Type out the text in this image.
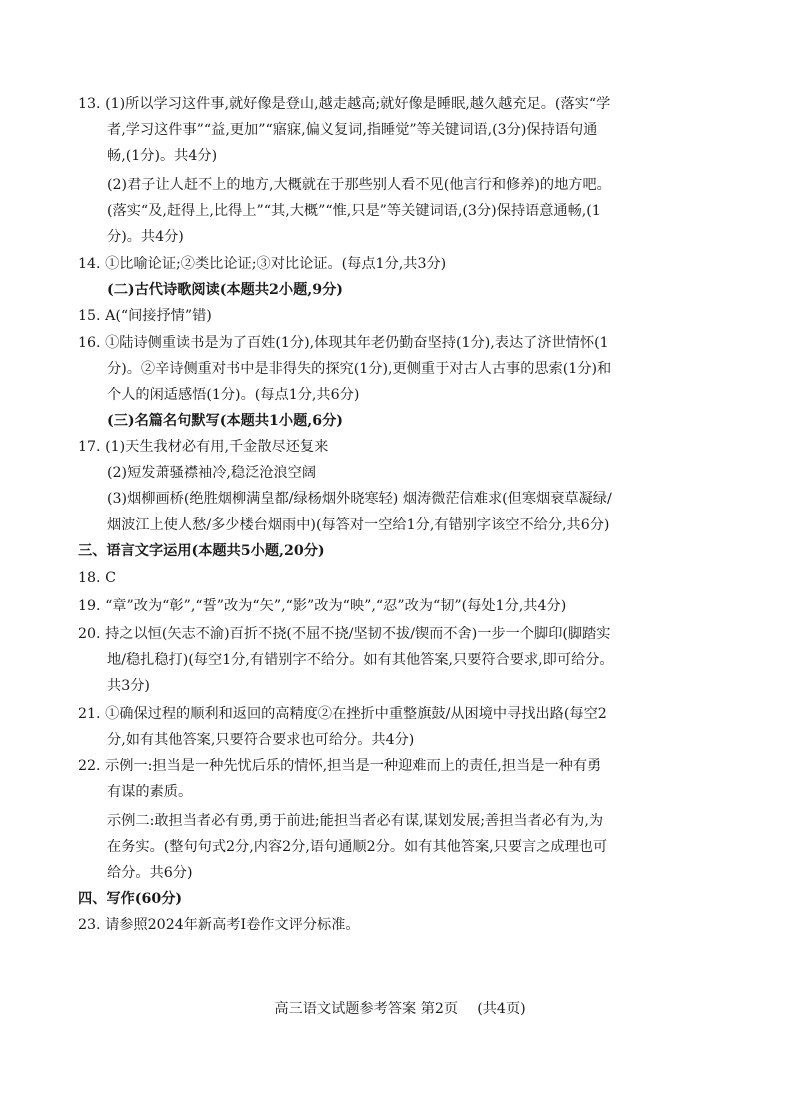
13. (1)所以学习这件事,就好像是登山,越走越高;就好像是睡眠,越久越充足。(落实“学

者,学习这件事”“益,更加”“寤寐,偏义复词,指睡觉”等关键词语,(3分)保持语句通

畅,(1分)。共4分)

(2)君子让人赶不上的地方,大概就在于那些别人看不见(他言行和修养)的地方吧。

(落实“及,赶得上,比得上”“其,大概”“惟,只是”等关键词语,(3分)保持语意通畅,(1

分)。共4分)

14. ①比喻论证;②类比论证;③对比论证。(每点1分,共3分)

(二)古代诗歌阅读(本题共2小题,9分)

15. A(“间接抒情”错)

16. ①陆诗侧重读书是为了百姓(1分),体现其年老仍勤奋坚持(1分),表达了济世情怀(1

分)。②辛诗侧重对书中是非得失的探究(1分),更侧重于对古人古事的思索(1分)和

个人的闲适感悟(1分)。(每点1分,共6分)

(三)名篇名句默写(本题共1小题,6分)

17. (1)天生我材必有用,千金散尽还复来

(2)短发萧骚襟袖冷,稳泛沧浪空阔

(3)烟柳画桥(绝胜烟柳满皇都/绿杨烟外晓寒轻) 烟涛微茫信难求(但寒烟衰草凝绿/

烟波江上使人愁/多少楼台烟雨中)(每答对一空给1分,有错别字该空不给分,共6分)

三、语言文字运用(本题共5小题,20分)

18. C

19. “章”改为“彰”,“誓”改为“矢”,“影”改为“映”,“忍”改为“韧”(每处1分,共4分)

20. 持之以恒(矢志不渝)百折不挠(不屈不挠/坚韧不拔/锲而不舍)一步一个脚印(脚踏实

地/稳扎稳打)(每空1分,有错别字不给分。如有其他答案,只要符合要求,即可给分。

共3分)

21. ①确保过程的顺利和返回的高精度②在挫折中重整旗鼓/从困境中寻找出路(每空2

分,如有其他答案,只要符合要求也可给分。共4分)

22. 示例一:担当是一种先忧后乐的情怀,担当是一种迎难而上的责任,担当是一种有勇

有谋的素质。

示例二:敢担当者必有勇,勇于前进;能担当者必有谋,谋划发展;善担当者必有为,为

在务实。(整句句式2分,内容2分,语句通顺2分。如有其他答案,只要言之成理也可

给分。共6分)

四、写作(60分)

23. 请参照2024年新高考Ⅰ卷作文评分标准。

高三语文试题参考答案 第2页 (共4页)
